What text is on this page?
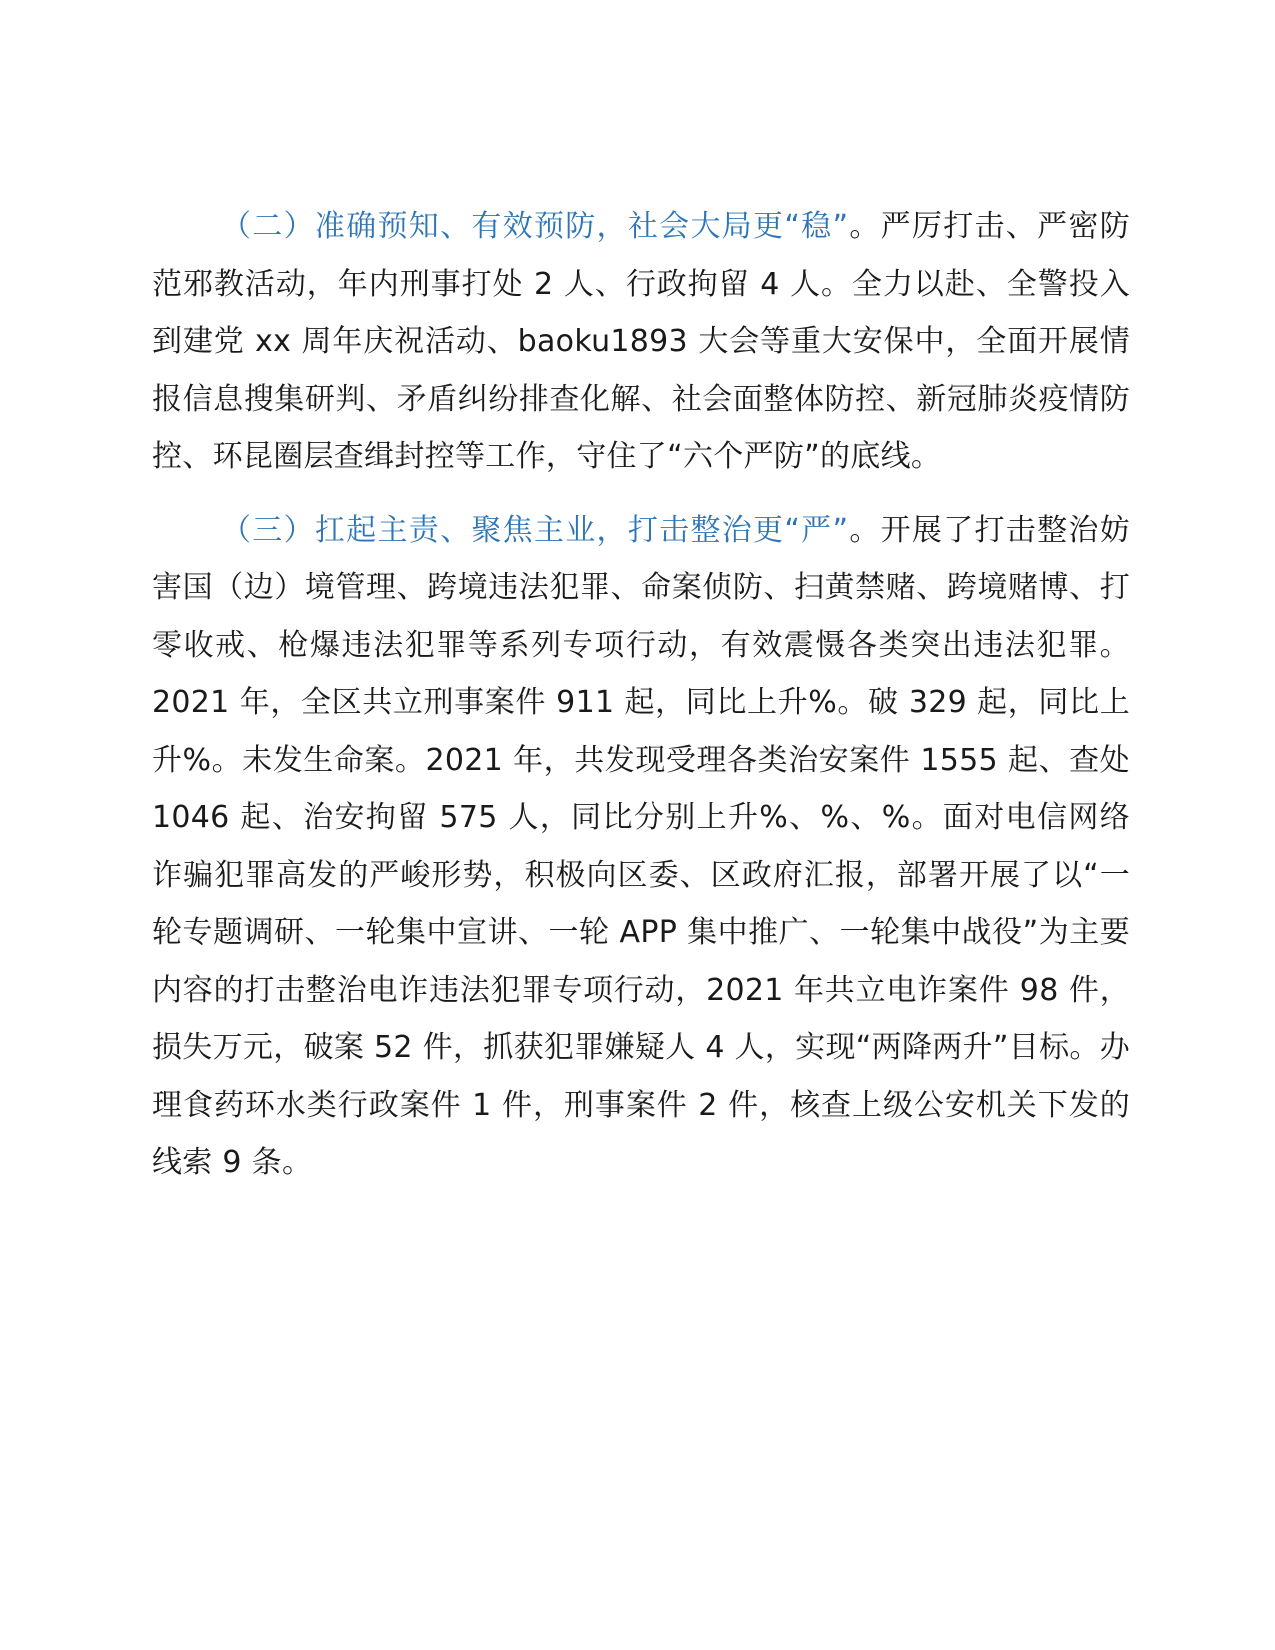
（二）准确预知、有效预防，社会大局更“稳”。严厉打击、严密防范邪教活动，年内刑事打处 2 人、行政拘留 4 人。全力以赴、全警投入到建党 xx 周年庆祝活动、baoku1893 大会等重大安保中，全面开展情报信息搜集研判、矛盾纠纷排查化解、社会面整体防控、新冠肺炎疫情防控、环昆圈层查缉封控等工作，守住了“六个严防”的底线。

（三）扛起主责、聚焦主业，打击整治更“严”。开展了打击整治妨害国（边）境管理、跨境违法犯罪、命案侦防、扫黄禁赌、跨境赌博、打零收戒、枪爆违法犯罪等系列专项行动，有效震慑各类突出违法犯罪。2021 年，全区共立刑事案件 911 起，同比上升%。破 329 起，同比上升%。未发生命案。2021 年，共发现受理各类治安案件 1555 起、查处 1046 起、治安拘留 575 人，同比分别上升%、%、%。面对电信网络诈骗犯罪高发的严峻形势，积极向区委、区政府汇报，部署开展了以“一轮专题调研、一轮集中宣讲、一轮 APP 集中推广、一轮集中战役”为主要内容的打击整治电诈违法犯罪专项行动，2021 年共立电诈案件 98 件，损失万元，破案 52 件，抓获犯罪嫌疑人 4 人，实现“两降两升”目标。办理食药环水类行政案件 1 件，刑事案件 2 件，核查上级公安机关下发的线索 9 条。
